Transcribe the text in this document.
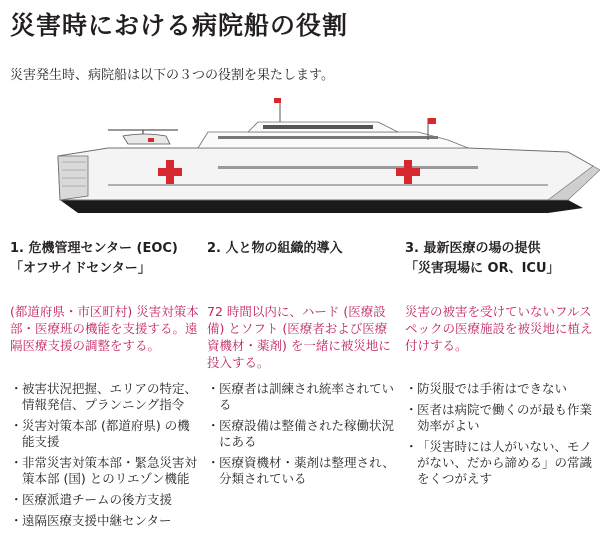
災害時における病院船の役割
災害発生時、病院船は以下の３つの役割を果たします。
1. 危機管理センター (EOC)
「オフサイドセンター」
(都道府県・市区町村) 災害対策本部・医療班の機能を支援する。遠隔医療支援の調整をする。
・ 被害状況把握、エリアの特定、情報発信、プランニング指令
・ 災害対策本部 (都道府県) の機能支援
・ 非常災害対策本部・緊急災害対策本部 (国) とのリエゾン機能
・ 医療派遣チームの後方支援
・ 遠隔医療支援中継センター
2. 人と物の組織的導入
72 時間以内に、ハード (医療設備) とソフト (医療者および医療資機材・薬剤) を一緒に被災地に投入する。
・ 医療者は訓練され統率されている
・ 医療設備は整備された稼働状況にある
・ 医療資機材・薬剤は整理され、分類されている
3. 最新医療の場の提供
「災害現場に OR、ICU」
災害の被害を受けていないフルスペックの医療施設を被災地に植え付けする。
・ 防災服では手術はできない
・ 医者は病院で働くのが最も作業効率がよい
・ 「災害時には人がいない、モノがない、だから諦める」の常識をくつがえす
